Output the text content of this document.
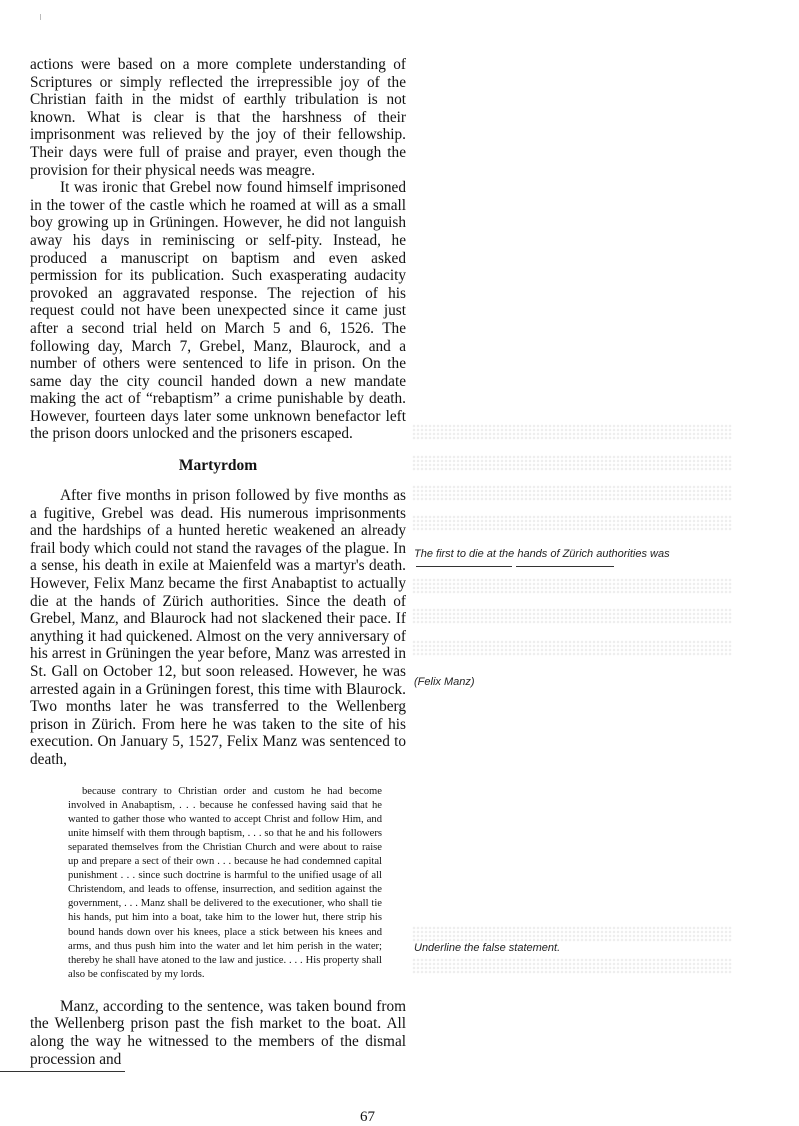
actions were based on a more complete understanding of Scriptures or simply reflected the irrepressible joy of the Christian faith in the midst of earthly tribulation is not known. What is clear is that the harshness of their imprisonment was relieved by the joy of their fellowship. Their days were full of praise and prayer, even though the provision for their physical needs was meagre.

It was ironic that Grebel now found himself imprisoned in the tower of the castle which he roamed at will as a small boy growing up in Grüningen. However, he did not languish away his days in reminiscing or self-pity. Instead, he produced a manuscript on baptism and even asked permission for its publication. Such exasperating audacity provoked an aggravated response. The rejection of his request could not have been unexpected since it came just after a second trial held on March 5 and 6, 1526. The following day, March 7, Grebel, Manz, Blaurock, and a number of others were sentenced to life in prison. On the same day the city council handed down a new mandate making the act of “rebaptism” a crime punishable by death. However, fourteen days later some unknown benefactor left the prison doors unlocked and the prisoners escaped.

Martyrdom

After five months in prison followed by five months as a fugitive, Grebel was dead. His numerous imprisonments and the hardships of a hunted heretic weakened an already frail body which could not stand the ravages of the plague. In a sense, his death in exile at Maienfeld was a martyr's death. However, Felix Manz became the first Anabaptist to actually die at the hands of Zürich authorities. Since the death of Grebel, Manz, and Blaurock had not slackened their pace. If anything it had quickened. Almost on the very anniversary of his arrest in Grüningen the year before, Manz was arrested in St. Gall on October 12, but soon released. However, he was arrested again in a Grüningen forest, this time with Blaurock. Two months later he was transferred to the Wellenberg prison in Zürich. From here he was taken to the site of his execution. On January 5, 1527, Felix Manz was sentenced to death,

because contrary to Christian order and custom he had become involved in Anabaptism, . . . because he confessed having said that he wanted to gather those who wanted to accept Christ and follow Him, and unite himself with them through baptism, . . . so that he and his followers separated themselves from the Christian Church and were about to raise up and prepare a sect of their own . . . because he had condemned capital punishment . . . since such doctrine is harmful to the unified usage of all Christendom, and leads to offense, insurrection, and sedition against the government, . . . Manz shall be delivered to the executioner, who shall tie his hands, put him into a boat, take him to the lower hut, there strip his bound hands down over his knees, place a stick between his knees and arms, and thus push him into the water and let him perish in the water; thereby he shall have atoned to the law and justice. . . . His property shall also be confiscated by my lords.

Manz, according to the sentence, was taken bound from the Wellenberg prison past the fish market to the boat. All along the way he witnessed to the members of the dismal procession and

67
The first to die at the hands of Zürich authorities was
(Felix Manz)
Underline the false statement.
